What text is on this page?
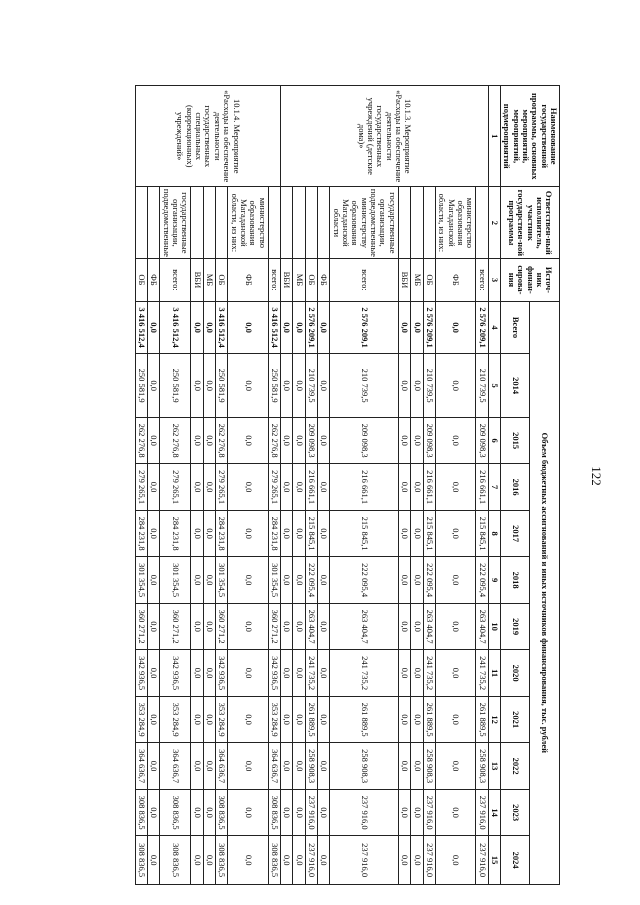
122
Наименование государственной программы, основных мероприятий, мероприятий, подмероприятий	Ответствен-ный исполнитель, участник государствен-ной программы	Источ-ник финан-сирова-ния	Объем бюджетных ассигнований и иных источников финансирования, тыс. рублей											
			Всего	2014	2015	2016	2017	2018	2019	2020	2021	2022	2023	2024
1	2	3	4	5	6	7	8	9	10	11	12	13	14	15
10.1.3. Мероприятие «Расходы на обеспечение деятельности государственных учреждений (детские дома)»		всего:	2 576 209,1	210 739,5	209 098,3	216 661,1	215 845,1	222 095,4	263 404,7	241 735,2	261 889,5	258 908,3	237 916,0	237 916,0
	министерство образования Магаданской области, из них:	ФБ	0,0	0,0	0,0	0,0	0,0	0,0	0,0	0,0	0,0	0,0	0,0	0,0
		ОБ	2 576 209,1	210 739,5	209 098,3	216 661,1	215 845,1	222 095,4	263 404,7	241 735,2	261 889,5	258 908,3	237 916,0	237 916,0
		МБ	0,0	0,0	0,0	0,0	0,0	0,0	0,0	0,0	0,0	0,0	0,0	0,0
		ВБИ	0,0	0,0	0,0	0,0	0,0	0,0	0,0	0,0	0,0	0,0	0,0	0,0
	государственные организации, подведомственные министерству образования Магаданской области	всего:	2 576 209,1	210 739,5	209 098,3	216 661,1	215 845,1	222 095,4	263 404,7	241 735,2	261 889,5	258 908,3	237 916,0	237 916,0
		ФБ	0,0	0,0	0,0	0,0	0,0	0,0	0,0	0,0	0,0	0,0	0,0	0,0
		ОБ	2 576 209,1	210 739,5	209 098,3	216 661,1	215 845,1	222 095,4	263 404,7	241 735,2	261 889,5	258 908,3	237 916,0	237 916,0
		МБ	0,0	0,0	0,0	0,0	0,0	0,0	0,0	0,0	0,0	0,0	0,0	0,0
		ВБИ	0,0	0,0	0,0	0,0	0,0	0,0	0,0	0,0	0,0	0,0	0,0	0,0
10.1.4. Мероприятие «Расходы на обеспечение деятельности государственных специальных (коррекционных) учреждений»		всего:	3 416 512,4	250 581,9	262 276,8	279 265,1	284 231,8	301 354,5	360 271,2	342 936,5	353 284,9	364 636,7	308 836,5	308 836,5
	министерство образования Магаданской области, из них:	ФБ	0,0	0,0	0,0	0,0	0,0	0,0	0,0	0,0	0,0	0,0	0,0	0,0
		ОБ	3 416 512,4	250 581,9	262 276,8	279 265,1	284 231,8	301 354,5	360 271,2	342 936,5	353 284,9	364 636,7	308 836,5	308 836,5
		МБ	0,0	0,0	0,0	0,0	0,0	0,0	0,0	0,0	0,0	0,0	0,0	0,0
		ВБИ	0,0	0,0	0,0	0,0	0,0	0,0	0,0	0,0	0,0	0,0	0,0	0,0
	государственные организации, подведомственные	всего:	3 416 512,4	250 581,9	262 276,8	279 265,1	284 231,8	301 354,5	360 271,2	342 936,5	353 284,9	364 636,7	308 836,5	308 836,5
		ФБ	0,0	0,0	0,0	0,0	0,0	0,0	0,0	0,0	0,0	0,0	0,0	0,0
		ОБ	3 416 512,4	250 581,9	262 276,8	279 265,1	284 231,8	301 354,5	360 271,2	342 936,5	353 284,9	364 636,7	308 836,5	308 836,5
